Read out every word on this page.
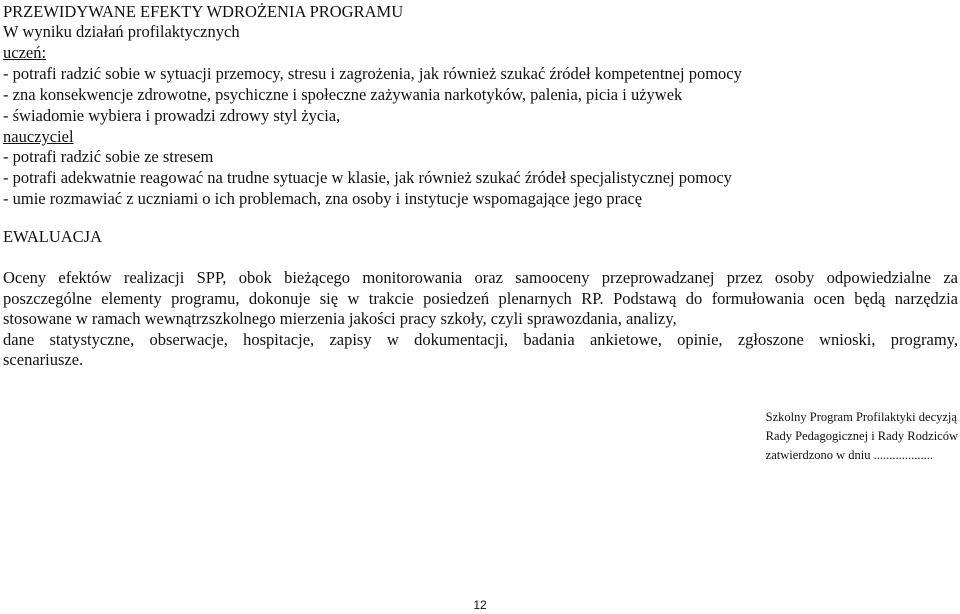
PRZEWIDYWANE EFEKTY WDROŻENIA PROGRAMU
W wyniku działań profilaktycznych
uczeń:
- potrafi radzić sobie w sytuacji przemocy, stresu i zagrożenia, jak również szukać źródeł kompetentnej pomocy
- zna konsekwencje zdrowotne, psychiczne i społeczne zażywania narkotyków, palenia, picia i używek
- świadomie wybiera i prowadzi zdrowy styl życia,
nauczyciel
- potrafi radzić sobie ze stresem
- potrafi adekwatnie reagować na trudne sytuacje w klasie, jak również szukać źródeł specjalistycznej pomocy
- umie rozmawiać z uczniami o ich problemach, zna osoby i instytucje wspomagające jego pracę
EWALUACJA
Oceny efektów realizacji SPP, obok bieżącego monitorowania oraz samooceny przeprowadzanej przez osoby odpowiedzialne za
poszczególne elementy programu, dokonuje się w trakcie posiedzeń plenarnych RP. Podstawą do formułowania ocen będą narzędzia
stosowane w ramach wewnątrzszkolnego mierzenia jakości pracy szkoły, czyli sprawozdania, analizy,
dane statystyczne, obserwacje, hospitacje, zapisy w dokumentacji, badania ankietowe, opinie, zgłoszone wnioski, programy,
scenariusze.
Szkolny Program Profilaktyki decyzją
Rady Pedagogicznej i Rady Rodziców
zatwierdzono w dniu ...................
12
